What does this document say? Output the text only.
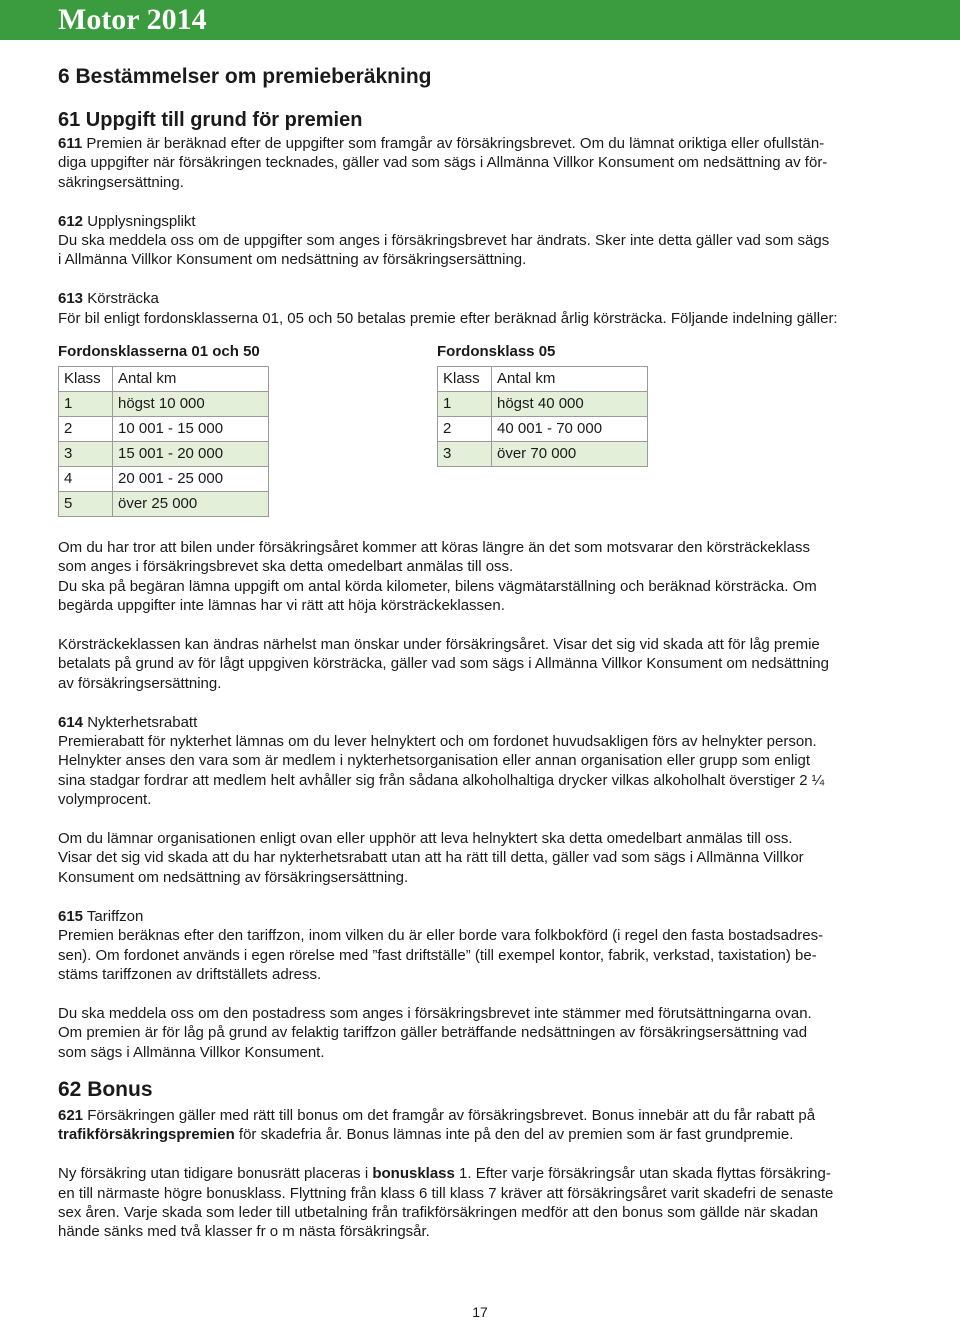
Motor 2014
6 Bestämmelser om premieberäkning
61 Uppgift till grund för premien

611 Premien är beräknad efter de uppgifter som framgår av försäkringsbrevet. Om du lämnat oriktiga eller ofullstän-
diga uppgifter när försäkringen tecknades, gäller vad som sägs i Allmänna Villkor Konsument om nedsättning av för-
säkringsersättning.

612 Upplysningsplikt

Du ska meddela oss om de uppgifter som anges i försäkringsbrevet har ändrats. Sker inte detta gäller vad som sägs
i Allmänna Villkor Konsument om nedsättning av försäkringsersättning.

613 Körsträcka

För bil enligt fordonsklasserna 01, 05 och 50 betalas premie efter beräknad årlig körsträcka. Följande indelning gäller:

Fordonsklasserna 01 och 50
Klass	Antal km
1	högst 10 000
2	10 001 - 15 000
3	15 001 - 20 000
4	20 001 - 25 000
5	över 25 000
Fordonsklass 05
Klass	Antal km
1	högst 40 000
2	40 001 - 70 000
3	över 70 000

Om du har tror att bilen under försäkringsåret kommer att köras längre än det som motsvarar den körsträckeklass
som anges i försäkringsbrevet ska detta omedelbart anmälas till oss.
Du ska på begäran lämna uppgift om antal körda kilometer, bilens vägmätarställning och beräknad körsträcka. Om
begärda uppgifter inte lämnas har vi rätt att höja körsträckeklassen.

Körsträckeklassen kan ändras närhelst man önskar under försäkringsåret. Visar det sig vid skada att för låg premie
betalats på grund av för lågt uppgiven körsträcka, gäller vad som sägs i Allmänna Villkor Konsument om nedsättning
av försäkringsersättning.

614 Nykterhetsrabatt

Premierabatt för nykterhet lämnas om du lever helnyktert och om fordonet huvudsakligen förs av helnykter person.
Helnykter anses den vara som är medlem i nykterhetsorganisation eller annan organisation eller grupp som enligt
sina stadgar fordrar att medlem helt avhåller sig från sådana alkoholhaltiga drycker vilkas alkoholhalt överstiger 2 ¼
volymprocent.

Om du lämnar organisationen enligt ovan eller upphör att leva helnyktert ska detta omedelbart anmälas till oss.
Visar det sig vid skada att du har nykterhetsrabatt utan att ha rätt till detta, gäller vad som sägs i Allmänna Villkor
Konsument om nedsättning av försäkringsersättning.

615 Tariffzon

Premien beräknas efter den tariffzon, inom vilken du är eller borde vara folkbokförd (i regel den fasta bostadsadres-
sen). Om fordonet används i egen rörelse med ”fast driftställe” (till exempel kontor, fabrik, verkstad, taxistation) be-
stäms tariffzonen av driftställets adress.

Du ska meddela oss om den postadress som anges i försäkringsbrevet inte stämmer med förutsättningarna ovan.
Om premien är för låg på grund av felaktig tariffzon gäller beträffande nedsättningen av försäkringsersättning vad
som sägs i Allmänna Villkor Konsument.

62 Bonus

621 Försäkringen gäller med rätt till bonus om det framgår av försäkringsbrevet. Bonus innebär att du får rabatt på
trafikförsäkringspremien för skadefria år. Bonus lämnas inte på den del av premien som är fast grundpremie.

Ny försäkring utan tidigare bonusrätt placeras i bonusklass 1. Efter varje försäkringsår utan skada flyttas försäkring-
en till närmaste högre bonusklass. Flyttning från klass 6 till klass 7 kräver att försäkringsåret varit skadefri de senaste
sex åren. Varje skada som leder till utbetalning från trafikförsäkringen medför att den bonus som gällde när skadan
hände sänks med två klasser fr o m nästa försäkringsår.

17
